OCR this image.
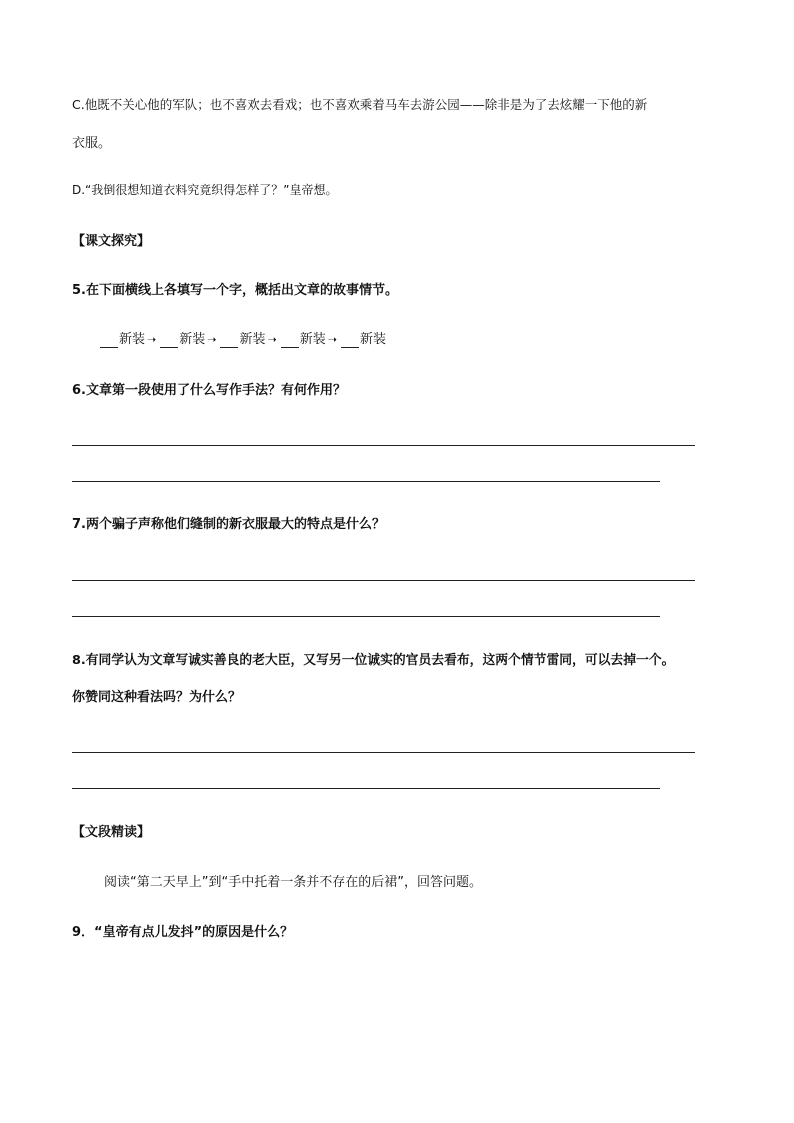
C.他既不关心他的军队；也不喜欢去看戏；也不喜欢乘着马车去游公园——除非是为了去炫耀一下他的新
衣服。
D.“我倒很想知道衣料究竟织得怎样了？”皇帝想。
【课文探究】
5.在下面横线上各填写一个字，概括出文章的故事情节。
新装 ➝ 新装 ➝ 新装 ➝ 新装 ➝ 新装
6.文章第一段使用了什么写作手法？有何作用？
7.两个骗子声称他们缝制的新衣服最大的特点是什么？
8.有同学认为文章写诚实善良的老大臣，又写另一位诚实的官员去看布，这两个情节雷同，可以去掉一个。
你赞同这种看法吗？为什么？
【文段精读】
阅读“第二天早上”到“手中托着一条并不存在的后裙”，回答问题。
9．“皇帝有点儿发抖”的原因是什么？
